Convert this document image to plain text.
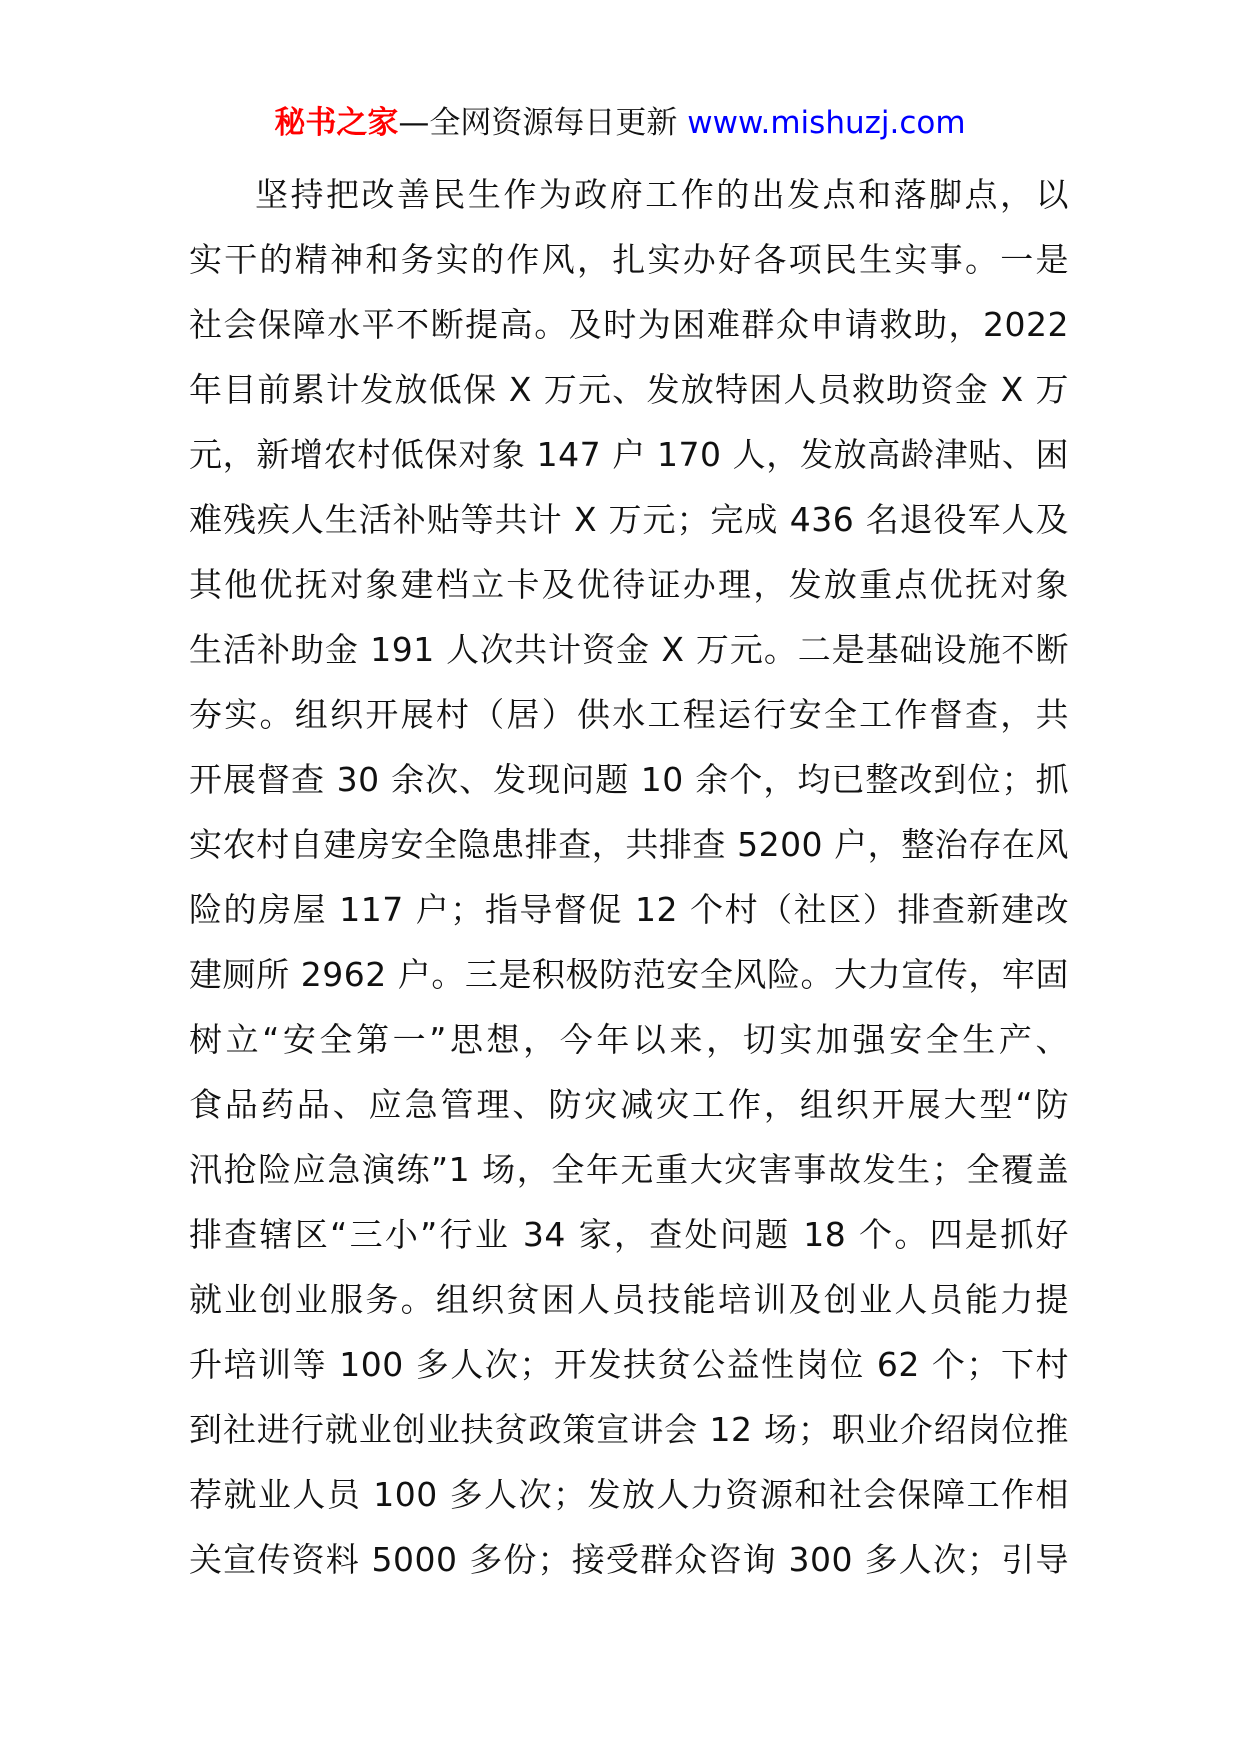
秘书之家—全网资源每日更新 www.mishuzj.com
坚持把改善民生作为政府工作的出发点和落脚点，以
实干的精神和务实的作风，扎实办好各项民生实事。一是
社会保障水平不断提高。及时为困难群众申请救助，2022
年目前累计发放低保 X 万元、发放特困人员救助资金 X 万
元，新增农村低保对象 147 户 170 人，发放高龄津贴、困
难残疾人生活补贴等共计 X 万元；完成 436 名退役军人及
其他优抚对象建档立卡及优待证办理，发放重点优抚对象
生活补助金 191 人次共计资金 X 万元。二是基础设施不断
夯实。组织开展村（居）供水工程运行安全工作督查，共
开展督查 30 余次、发现问题 10 余个，均已整改到位；抓
实农村自建房安全隐患排查，共排查 5200 户，整治存在风
险的房屋 117 户；指导督促 12 个村（社区）排查新建改
建厕所 2962 户。三是积极防范安全风险。大力宣传，牢固
树立“安全第一”思想，今年以来，切实加强安全生产、
食品药品、应急管理、防灾减灾工作，组织开展大型“防
汛抢险应急演练”1 场，全年无重大灾害事故发生；全覆盖
排查辖区“三小”行业 34 家，查处问题 18 个。四是抓好
就业创业服务。组织贫困人员技能培训及创业人员能力提
升培训等 100 多人次；开发扶贫公益性岗位 62 个；下村
到社进行就业创业扶贫政策宣讲会 12 场；职业介绍岗位推
荐就业人员 100 多人次；发放人力资源和社会保障工作相
关宣传资料 5000 多份；接受群众咨询 300 多人次；引导
